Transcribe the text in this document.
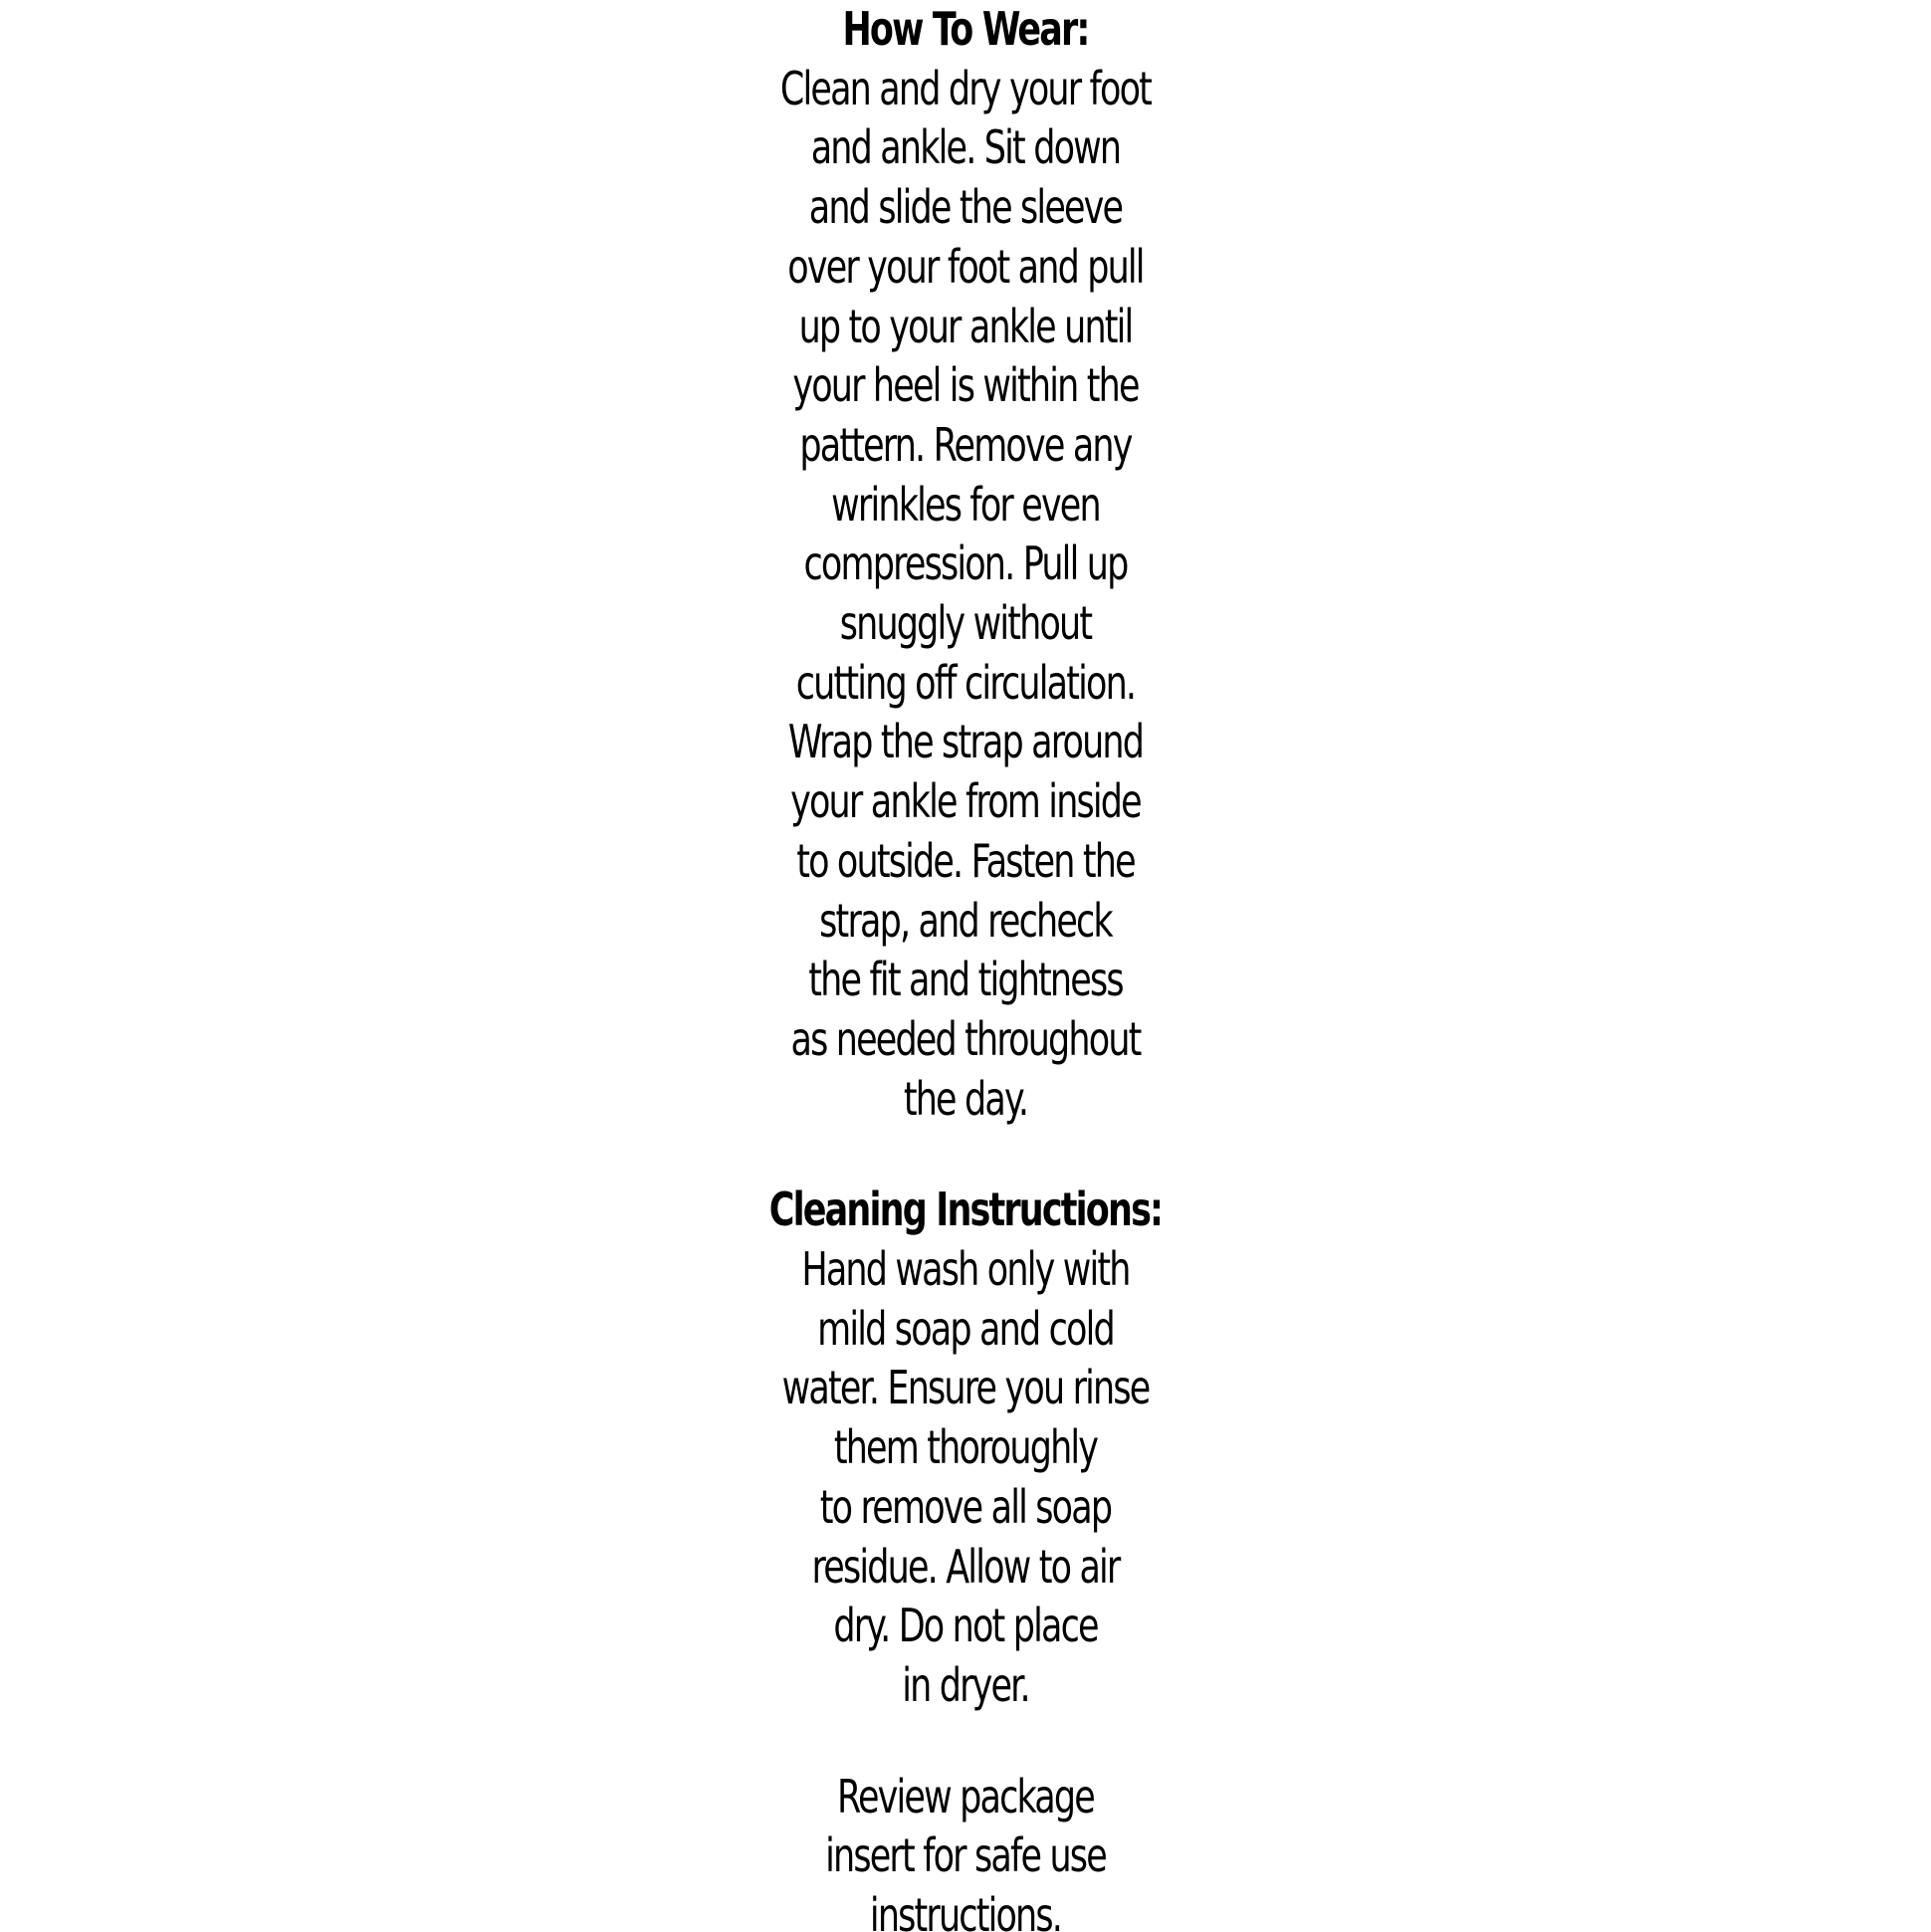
How To Wear:
Clean and dry your foot
and ankle. Sit down
and slide the sleeve
over your foot and pull
up to your ankle until
your heel is within the
pattern. Remove any
wrinkles for even
compression. Pull up
snuggly without
cutting off circulation.
Wrap the strap around
your ankle from inside
to outside. Fasten the
strap, and recheck
the fit and tightness
as needed throughout
the day.
Cleaning Instructions:
Hand wash only with
mild soap and cold
water. Ensure you rinse
them thoroughly
to remove all soap
residue. Allow to air
dry. Do not place
in dryer.
Review package
insert for safe use
instructions.
